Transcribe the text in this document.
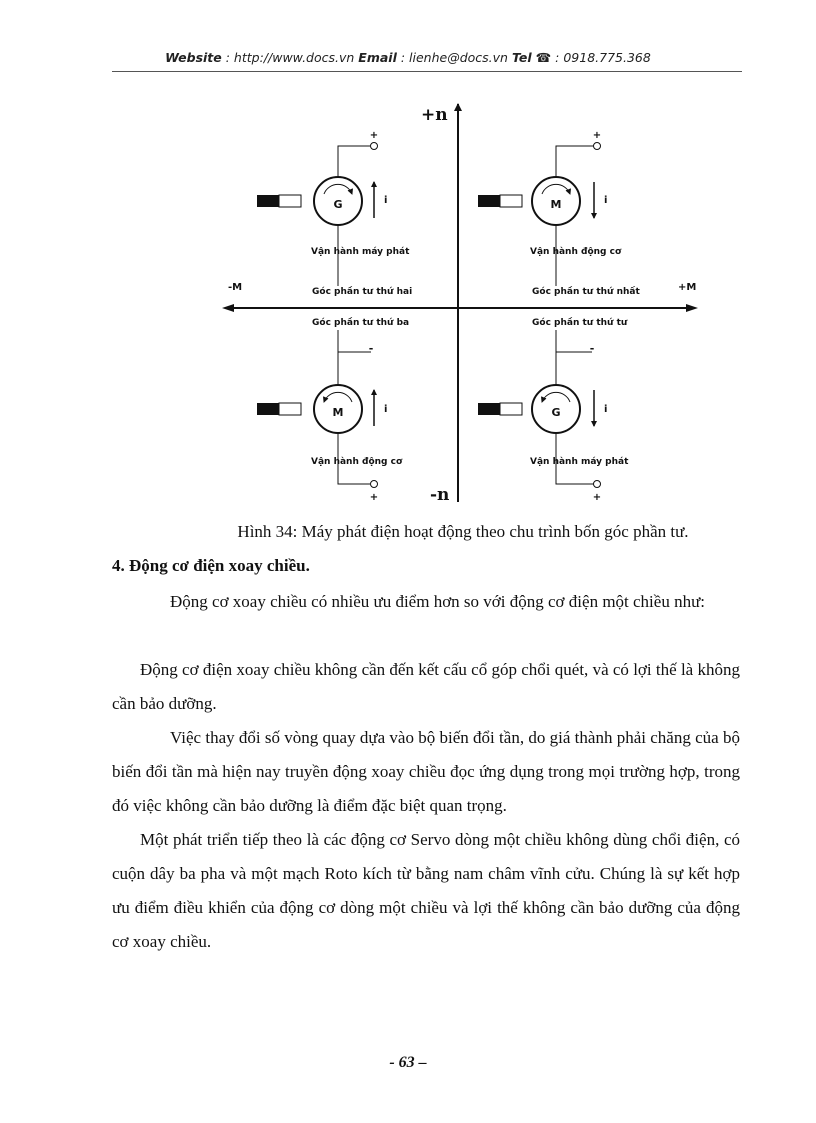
Website : http://www.docs.vn Email : lienhe@docs.vn Tel ☎ : 0918.775.368
+n
-n
-M	+M
Góc phần tư thứ hai	Góc phần tư thứ nhất
Góc phần tư thứ ba	Góc phần tư thứ tư
G
+
i
Vận hành máy phát
M
+
i
Vận hành động cơ
-
M
+
i
Vận hành động cơ
-
G
+
i
Vận hành máy phát
Hình 34: Máy phát điện hoạt động theo chu trình bốn góc phần tư.
4. Động cơ điện xoay chiều.
Động cơ xoay chiều có nhiều ưu điểm hơn so với động cơ điện một chiều như:
Động cơ điện xoay chiều không cần đến kết cấu cổ góp chổi quét, và có lợi thế là không cần bảo dưỡng.
Việc thay đổi số vòng quay dựa vào bộ biến đổi tần, do giá thành phải chăng của bộ biến đổi tần mà hiện nay truyền động xoay chiều đọc ứng dụng trong mọi trường hợp, trong đó việc không cần bảo dưỡng là điểm đặc biệt quan trọng.
Một phát triển tiếp theo là các động cơ Servo dòng một chiều không dùng chổi điện, có cuộn dây ba pha và một mạch Roto kích từ bằng nam châm vĩnh cửu. Chúng là sự kết hợp ưu điểm điều khiển của động cơ dòng một chiều và lợi thế không cần bảo dưỡng của động cơ xoay chiều.
- 63 –
